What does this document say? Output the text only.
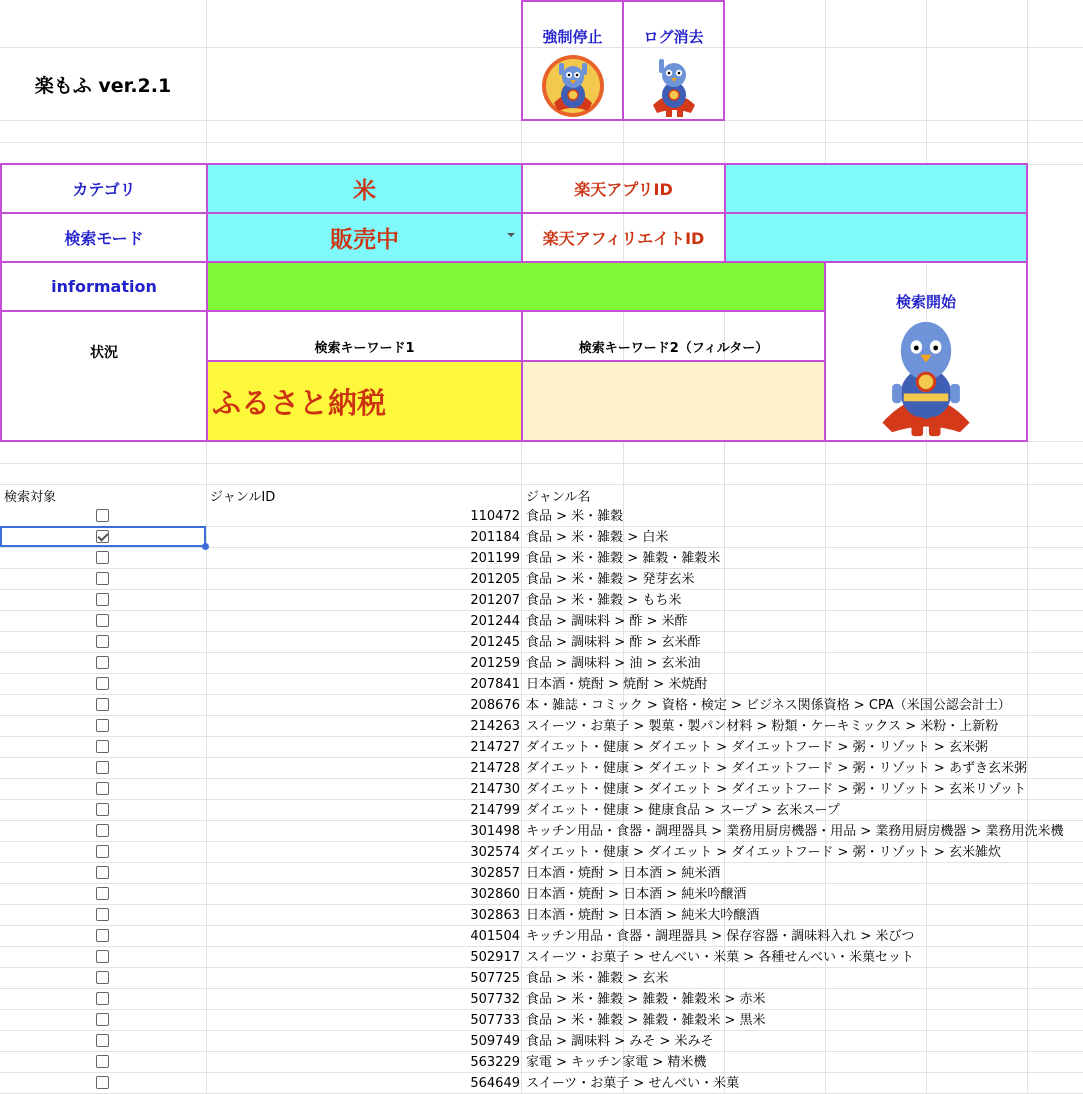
楽もふ ver.2.1
強制停止	ログ消去
カテゴリ	米	楽天アプリID
検索モード	販売中	楽天アフィリエイトID
information
検索開始
状況	検索キーワード1
ふるさと納税
検索キーワード2（フィルター）
検索対象	ジャンルID	ジャンル名
110472 食品 > 米・雑穀
201184 食品 > 米・雑穀 > 白米
201199 食品 > 米・雑穀 > 雑穀・雑穀米
201205 食品 > 米・雑穀 > 発芽玄米
201207 食品 > 米・雑穀 > もち米
201244 食品 > 調味料 > 酢 > 米酢
201245 食品 > 調味料 > 酢 > 玄米酢
201259 食品 > 調味料 > 油 > 玄米油
207841 日本酒・焼酎 > 焼酎 > 米焼酎
208676 本・雑誌・コミック > 資格・検定 > ビジネス関係資格 > CPA（米国公認会計士）
214263 スイーツ・お菓子 > 製菓・製パン材料 > 粉類・ケーキミックス > 米粉・上新粉
214727 ダイエット・健康 > ダイエット > ダイエットフード > 粥・リゾット > 玄米粥
214728 ダイエット・健康 > ダイエット > ダイエットフード > 粥・リゾット > あずき玄米粥
214730 ダイエット・健康 > ダイエット > ダイエットフード > 粥・リゾット > 玄米リゾット
214799 ダイエット・健康 > 健康食品 > スープ > 玄米スープ
301498 キッチン用品・食器・調理器具 > 業務用厨房機器・用品 > 業務用厨房機器 > 業務用洗米機
302574 ダイエット・健康 > ダイエット > ダイエットフード > 粥・リゾット > 玄米雑炊
302857 日本酒・焼酎 > 日本酒 > 純米酒
302860 日本酒・焼酎 > 日本酒 > 純米吟醸酒
302863 日本酒・焼酎 > 日本酒 > 純米大吟醸酒
401504 キッチン用品・食器・調理器具 > 保存容器・調味料入れ > 米びつ
502917 スイーツ・お菓子 > せんべい・米菓 > 各種せんべい・米菓セット
507725 食品 > 米・雑穀 > 玄米
507732 食品 > 米・雑穀 > 雑穀・雑穀米 > 赤米
507733 食品 > 米・雑穀 > 雑穀・雑穀米 > 黒米
509749 食品 > 調味料 > みそ > 米みそ
563229 家電 > キッチン家電 > 精米機
564649 スイーツ・お菓子 > せんべい・米菓
